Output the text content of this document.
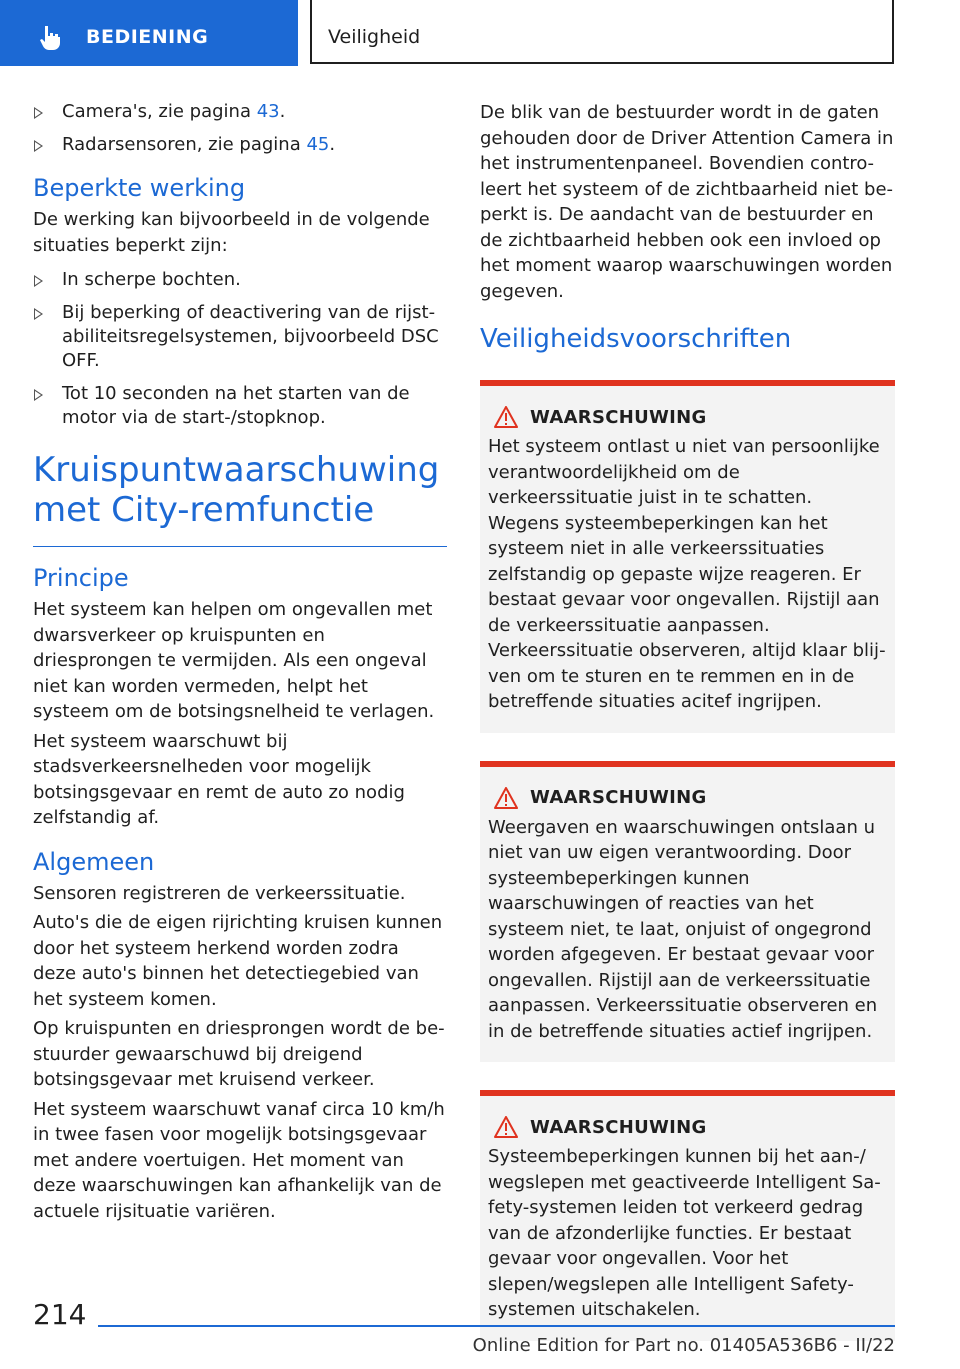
BEDIENING	Veiligheid
Camera's, zie pagina 43.
Radarsensoren, zie pagina 45.
Beperkte werking

De werking kan bijvoorbeeld in de volgende situaties beperkt zijn:

In scherpe bochten.
Bij beperking of deactivering van de rijstabiliteitsregelsystemen, bijvoorbeeld DSC OFF.
Tot 10 seconden na het starten van de motor via de start-/stopknop.
Kruispuntwaarschuwing met City-remfunctie
Principe

Het systeem kan helpen om ongevallen met dwarsverkeer op kruispunten en driesprongen te vermijden. Als een ongeval niet kan worden vermeden, helpt het systeem om de botsingsnelheid te verlagen.

Het systeem waarschuwt bij stadsverkeersnelheden voor mogelijk botsingsgevaar en remt de auto zo nodig zelfstandig af.

Algemeen

Sensoren registreren de verkeerssituatie.

Auto's die de eigen rijrichting kruisen kunnen door het systeem herkend worden zodra deze auto's binnen het detectiegebied van het systeem komen.

Op kruispunten en driesprongen wordt de bestuurder gewaarschuwd bij dreigend botsingsgevaar met kruisend verkeer.

Het systeem waarschuwt vanaf circa 10 km/h in twee fasen voor mogelijk botsingsgevaar met andere voertuigen. Het moment van deze waarschuwingen kan afhankelijk van de actuele rijsituatie variëren.

De blik van de bestuurder wordt in de gaten gehouden door de Driver Attention Camera in het instrumentenpaneel. Bovendien controleert het systeem of de zichtbaarheid niet beperkt is. De aandacht van de bestuurder en de zichtbaarheid hebben ook een invloed op het moment waarop waarschuwingen worden gegeven.

Veiligheidsvoorschriften
WAARSCHUWING

Het systeem ontlast u niet van persoonlijke verantwoordelijkheid om de verkeerssituatie juist in te schatten. Wegens systeembeperkingen kan het systeem niet in alle verkeerssituaties zelfstandig op gepaste wijze reageren. Er bestaat gevaar voor ongevallen. Rijstijl aan de verkeerssituatie aanpassen. Verkeerssituatie observeren, altijd klaar blijven om te sturen en te remmen en in de betreffende situaties acitef ingrijpen.

WAARSCHUWING

Weergaven en waarschuwingen ontslaan u niet van uw eigen verantwoording. Door systeembeperkingen kunnen waarschuwingen of reacties van het systeem niet, te laat, onjuist of ongegrond worden afgegeven. Er bestaat gevaar voor ongevallen. Rijstijl aan de verkeerssituatie aanpassen. Verkeerssituatie observeren en in de betreffende situaties actief ingrijpen.

WAARSCHUWING

Systeembeperkingen kunnen bij het aan-/ wegslepen met geactiveerde Intelligent Safety-systemen leiden tot verkeerd gedrag van de afzonderlijke functies. Er bestaat gevaar voor ongevallen. Voor het slepen/wegslepen alle Intelligent Safety-systemen uitschakelen.

214
Online Edition for Part no. 01405A536B6 - II/22
